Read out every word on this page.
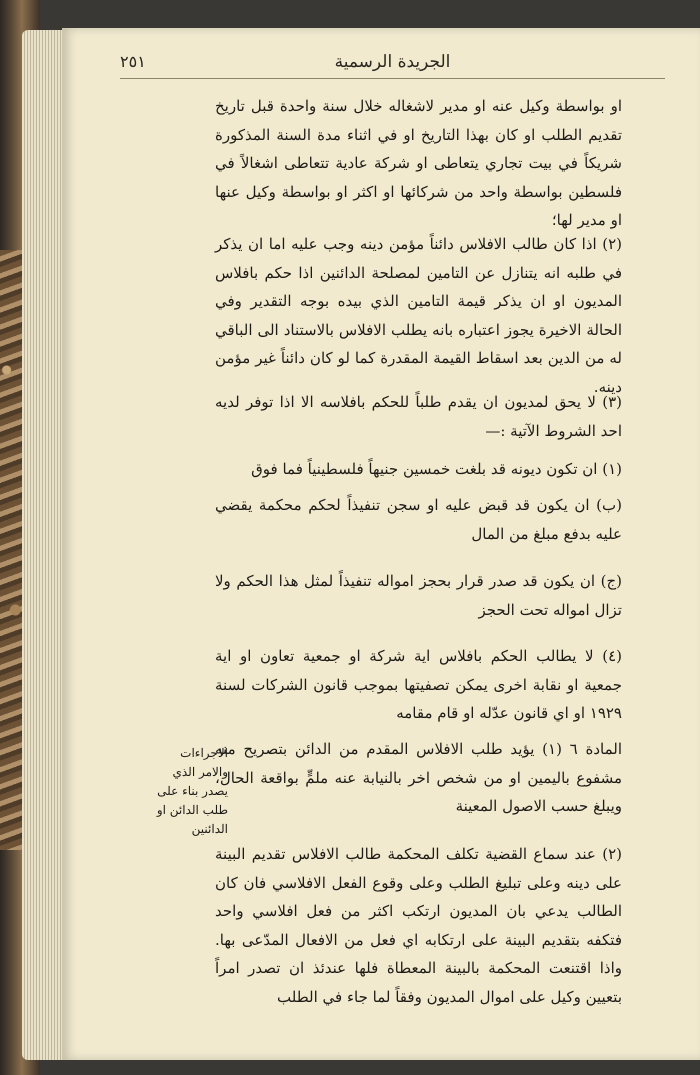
٢٥١	الجريدة الرسمية
او بواسطة وكيل عنه او مدير لاشغاله خلال سنة واحدة قبل تاريخ تقديم الطلب او كان بهذا التاريخ او في اثناء مدة السنة المذكورة شريكاً في بيت تجاري يتعاطى او شركة عادية تتعاطى اشغالاً في فلسطين بواسطة واحد من شركائها او اكثر او بواسطة وكيل عنها او مدير لها؛
(٢) اذا كان طالب الافلاس دائناً مؤمن دينه وجب عليه اما ان يذكر في طلبه انه يتنازل عن التامين لمصلحة الدائنين اذا حكم بافلاس المديون او ان يذكر قيمة التامين الذي بيده بوجه التقدير وفي الحالة الاخيرة يجوز اعتباره بانه يطلب الافلاس بالاستناد الى الباقي له من الدين بعد اسقاط القيمة المقدرة كما لو كان دائناً غير مؤمن دينه.
(٣) لا يحق لمديون ان يقدم طلباً للحكم بافلاسه الا اذا توفر لديه احد الشروط الآتية :—
(١) ان تكون ديونه قد بلغت خمسين جنيهاً فلسطينياً فما فوق
(ب) ان يكون قد قبض عليه او سجن تنفيذاً لحكم محكمة يقضي عليه بدفع مبلغ من المال
(ج) ان يكون قد صدر قرار بحجز امواله تنفيذاً لمثل هذا الحكم ولا تزال امواله تحت الحجز
(٤) لا يطالب الحكم بافلاس اية شركة او جمعية تعاون او اية جمعية او نقابة اخرى يمكن تصفيتها بموجب قانون الشركات لسنة ١٩٢٩ او اي قانون عدّله او قام مقامه
المادة ٦ (١) يؤيد طلب الافلاس المقدم من الدائن بتصريح منه مشفوع باليمين او من شخص اخر بالنيابة عنه ملمٍّ بواقعة الحال، ويبلغ حسب الاصول المعينة
الاجراءات والامر الذي يصدر بناء على طلب الدائن او الدائنين
(٢) عند سماع القضية تكلف المحكمة طالب الافلاس تقديم البينة على دينه وعلى تبليغ الطلب وعلى وقوع الفعل الافلاسي فان كان الطالب يدعي بان المديون ارتكب اكثر من فعل افلاسي واحد فتكفه بتقديم البينة على ارتكابه اي فعل من الافعال المدّعى بها. واذا اقتنعت المحكمة بالبينة المعطاة فلها عندئذ ان تصدر امراً بتعيين وكيل على اموال المديون وفقاً لما جاء في الطلب
